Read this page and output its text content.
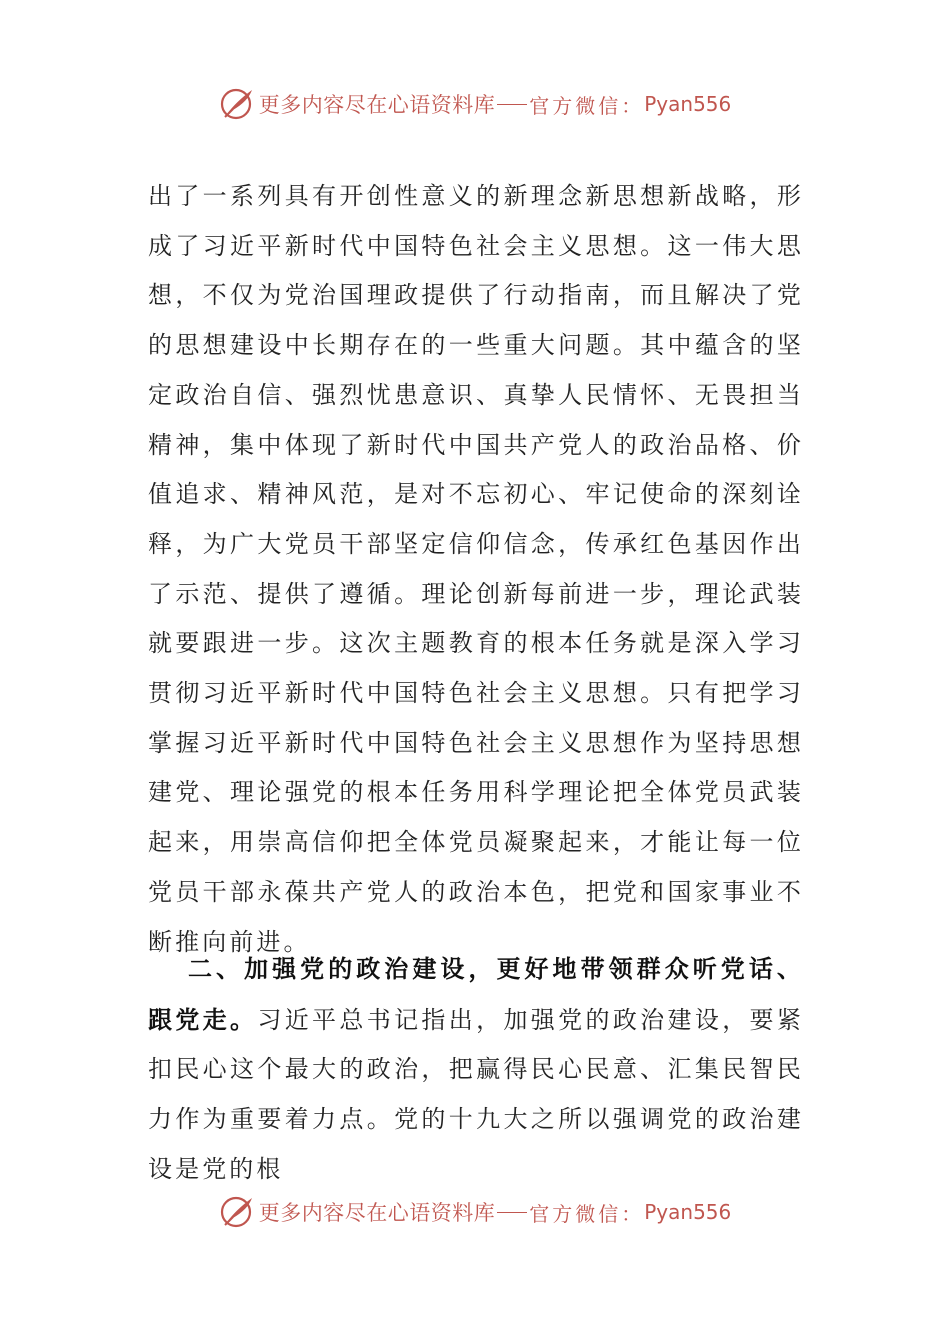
更多内容尽在心语资料库 官方微信： Pyan556

出了一系列具有开创性意义的新理念新思想新战略，形成了习近平新时代中国特色社会主义思想。这一伟大思想，不仅为党治国理政提供了行动指南，而且解决了党的思想建设中长期存在的一些重大问题。其中蕴含的坚定政治自信、强烈忧患意识、真挚人民情怀、无畏担当精神，集中体现了新时代中国共产党人的政治品格、价值追求、精神风范，是对不忘初心、牢记使命的深刻诠释，为广大党员干部坚定信仰信念，传承红色基因作出了示范、提供了遵循。理论创新每前进一步，理论武装就要跟进一步。这次主题教育的根本任务就是深入学习贯彻习近平新时代中国特色社会主义思想。只有把学习掌握习近平新时代中国特色社会主义思想作为坚持思想建党、理论强党的根本任务用科学理论把全体党员武装起来，用崇高信仰把全体党员凝聚起来，才能让每一位党员干部永葆共产党人的政治本色，把党和国家事业不断推向前进。

二、加强党的政治建设，更好地带领群众听党话、跟党走。习近平总书记指出，加强党的政治建设，要紧扣民心这个最大的政治，把赢得民心民意、汇集民智民力作为重要着力点。党的十九大之所以强调党的政治建设是党的根

更多内容尽在心语资料库 官方微信： Pyan556
